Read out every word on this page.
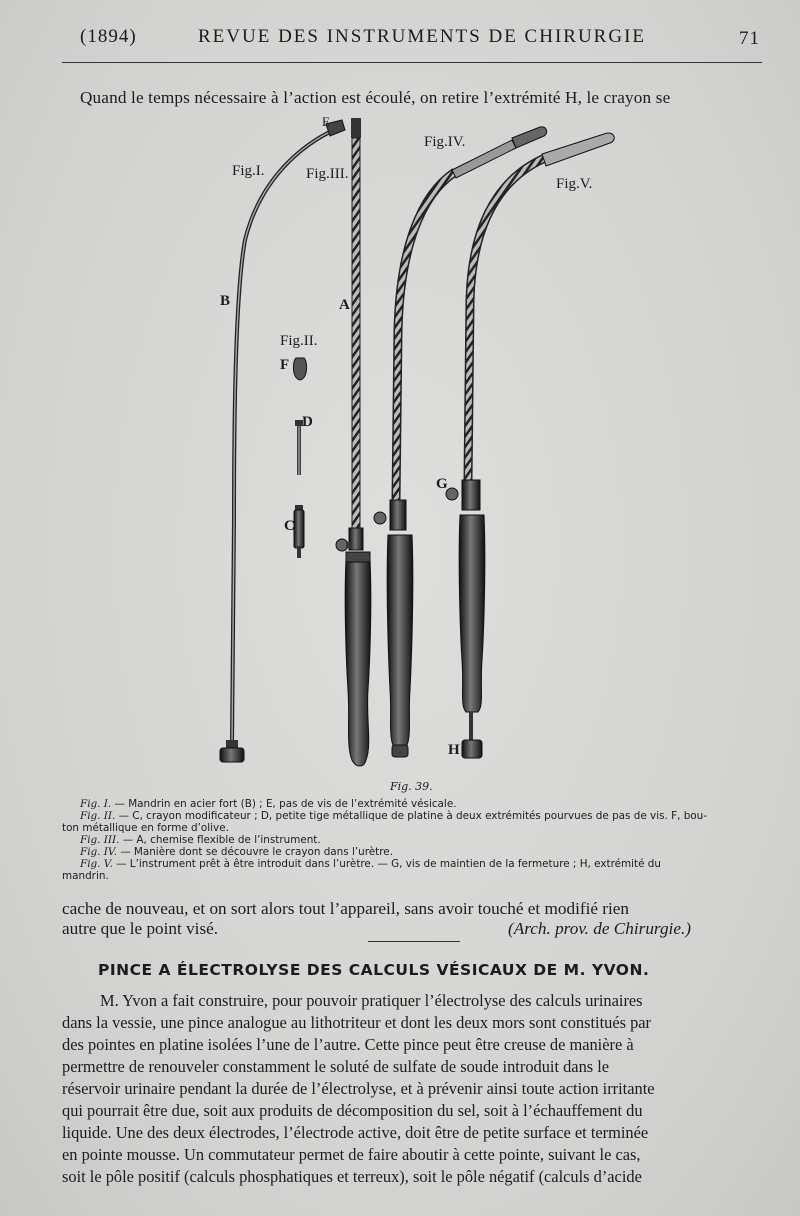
(1894)	REVUE DES INSTRUMENTS DE CHIRURGIE	71
Quand le temps nécessaire à l’action est écoulé, on retire l’extrémité H, le crayon se
Fig.I.
E
Fig.III.
Fig.IV.
Fig.V.
B	A
Fig.II.
F
D
C
G
H
Fig. 39.
Fig. I. — Mandrin en acier fort (B) ; E, pas de vis de l’extrémité vésicale.
Fig. II. — C, crayon modificateur ; D, petite tige métallique de platine à deux extrémités pourvues de pas de vis. F, bou-
ton métallique en forme d’olive.
Fig. III. — A, chemise flexible de l’instrument.
Fig. IV. — Manière dont se découvre le crayon dans l’urètre.
Fig. V. — L’instrument prêt à être introduit dans l’urètre. — G, vis de maintien de la fermeture ; H, extrémité du
mandrin.
cache de nouveau, et on sort alors tout l’appareil, sans avoir touché et modifié rien
autre que le point visé.	(Arch. prov. de Chirurgie.)
PINCE A ÉLECTROLYSE DES CALCULS VÉSICAUX DE M. YVON.
M. Yvon a fait construire, pour pouvoir pratiquer l’électrolyse des calculs urinaires
dans la vessie, une pince analogue au lithotriteur et dont les deux mors sont constitués par
des pointes en platine isolées l’une de l’autre. Cette pince peut être creuse de manière à
permettre de renouveler constamment le soluté de sulfate de soude introduit dans le
réservoir urinaire pendant la durée de l’électrolyse, et à prévenir ainsi toute action irritante
qui pourrait être due, soit aux produits de décomposition du sel, soit à l’échauffement du
liquide. Une des deux électrodes, l’électrode active, doit être de petite surface et terminée
en pointe mousse. Un commutateur permet de faire aboutir à cette pointe, suivant le cas,
soit le pôle positif (calculs phosphatiques et terreux), soit le pôle négatif (calculs d’acide
